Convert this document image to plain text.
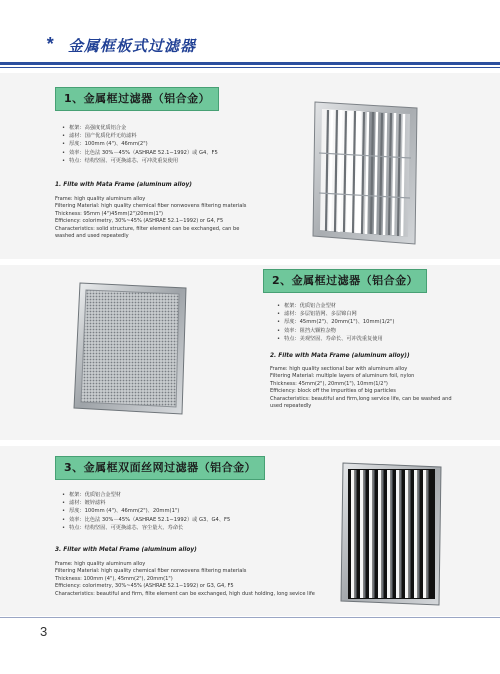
* 金属框板式过滤器
1、金属框过滤器（铝合金）
• 框架：高强度优质铝合金
• 滤材：国产优质化纤无纺滤料
• 厚度：100mm (4")、46mm(2")
• 效率：比色法 30%－45%（ASHRAE 52.1−1992）或 G4、F5
• 特点：结构坚固、可更换滤芯、可冲洗重复使用
1. Filte with Mata Frame (aluminum alloy)
Frame: high quality aluminum alloy
Filtering Material: high quality chemical fiber nonwovens filtering materials
Thickness: 95mm (4")45mm(2")20mm(1")
Efficiency: colorimetry, 30%~45% (ASHRAE 52.1−1992) or G4, F5
Characteristics: solid structure, filter element can be exchanged, can be
washed and used repeatedly
2、金属框过滤器（铝合金）
• 框架：优质铝合金型材
• 滤材：多层铝箔网、多层锦白网
• 厚度：45mm(2")、20mm(1")、10mm(1/2")
• 效率：阻挡大颗粒杂物
• 特点：美观坚固、寿命长、可冲洗重复使用
2. Filte with Mata Frame (aluminum alloy))
Frame: high quality sectional bar with aluminum alloy
Filtering Material: multiple layers of aluminum foil, nylon
Thickness: 45mm(2"), 20mm(1"), 10mm(1/2")
Efficiency: block off the impurities of big particles
Characteristics: beautiful and firm,long service life, can be washed and
used repeatedly
3、金属框双面丝网过滤器（铝合金）
• 框架：优质铝合金型材
• 滤材：镀锌滤料
• 厚度：100mm (4")、46mm(2")、20mm(1")
• 效率：比色法 30%－45%（ASHRAE 52.1−1992）或 G3、G4、F5
• 特点：结构坚固、可更换滤芯、容尘量大、寿命长
3. Filter with Metal Frame (aluminum alloy)
Frame: high quality aluminum alloy
Filtering Material: high quality chemical fiber nonwovens filtering materials
Thickness: 100mm (4"), 45mm(2"), 20mm(1")
Efficiency: colorimetry, 30%~45% (ASHRAE 52.1−1992) or G3, G4, F5
Characteristics: beautiful and firm, filte element can be exchanged, high dust holding, long sevice life
3
